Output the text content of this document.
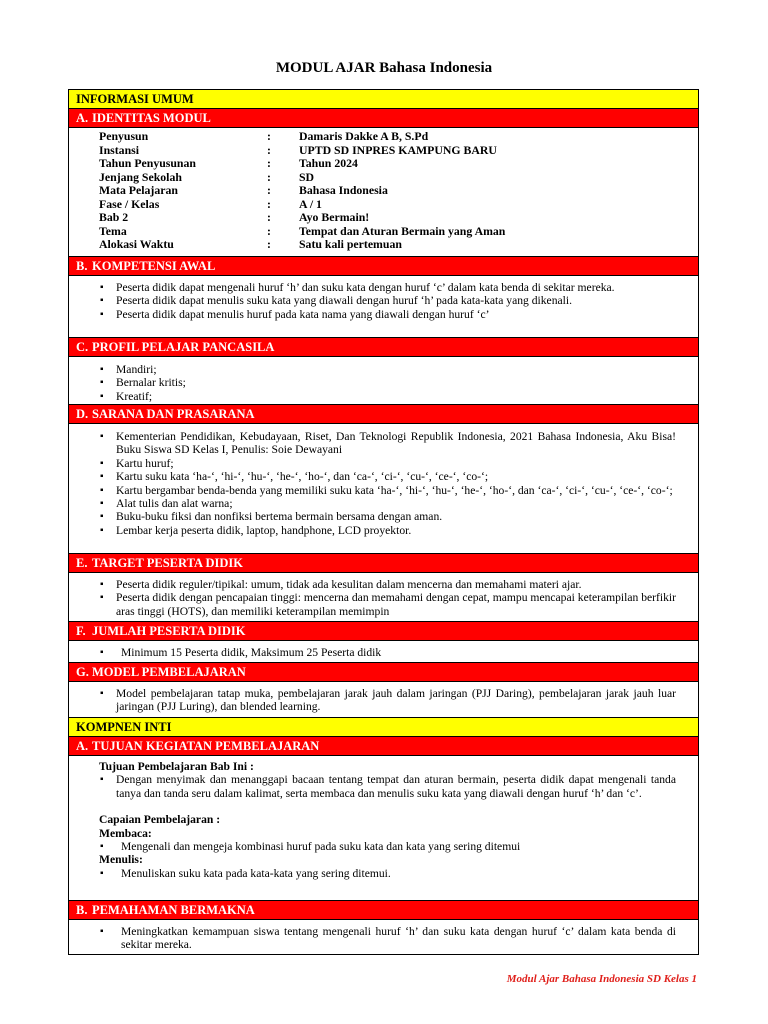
MODUL AJAR Bahasa Indonesia
INFORMASI UMUM
A. IDENTITAS MODUL
Penyusun	:	Damaris Dakke A B, S.Pd
Instansi	:	UPTD SD INPRES KAMPUNG BARU
Tahun Penyusunan	:	Tahun 2024
Jenjang Sekolah	:	SD
Mata Pelajaran	:	Bahasa Indonesia
Fase / Kelas	:	A / 1
Bab 2	:	Ayo Bermain!
Tema	:	Tempat dan Aturan Bermain yang Aman
Alokasi Waktu	:	Satu kali pertemuan
B. KOMPETENSI AWAL
▪ Peserta didik dapat mengenali huruf ‘h’ dan suku kata dengan huruf ‘c’ dalam kata benda di sekitar mereka.
▪ Peserta didik dapat menulis suku kata yang diawali dengan huruf ‘h’ pada kata-kata yang dikenali.
▪ Peserta didik dapat menulis huruf pada kata nama yang diawali dengan huruf ‘c’
C. PROFIL PELAJAR PANCASILA
▪ Mandiri;
▪ Bernalar kritis;
▪ Kreatif;
D. SARANA DAN PRASARANA
▪ Kementerian Pendidikan, Kebudayaan, Riset, Dan Teknologi Republik Indonesia, 2021 Bahasa Indonesia, Aku Bisa! Buku Siswa SD Kelas I, Penulis: Soie Dewayani
▪ Kartu huruf;
▪ Kartu suku kata ‘ha-‘, ‘hi-‘, ‘hu-‘, ‘he-‘, ‘ho-‘, dan ‘ca-‘, ‘ci-‘, ‘cu-‘, ‘ce-‘, ‘co-‘;
▪ Kartu bergambar benda-benda yang memiliki suku kata ‘ha-‘, ‘hi-‘, ‘hu-‘, ‘he-‘, ‘ho-‘, dan ‘ca-‘, ‘ci-‘, ‘cu-‘, ‘ce-‘, ‘co-‘;
▪ Alat tulis dan alat warna;
▪ Buku-buku fiksi dan nonfiksi bertema bermain bersama dengan aman.
▪ Lembar kerja peserta didik, laptop, handphone, LCD proyektor.
E. TARGET PESERTA DIDIK
▪ Peserta didik reguler/tipikal: umum, tidak ada kesulitan dalam mencerna dan memahami materi ajar.
▪ Peserta didik dengan pencapaian tinggi: mencerna dan memahami dengan cepat, mampu mencapai keterampilan berfikir aras tinggi (HOTS), dan memiliki keterampilan memimpin
F. JUMLAH PESERTA DIDIK
▪ Minimum 15 Peserta didik, Maksimum 25 Peserta didik
G. MODEL PEMBELAJARAN
▪ Model pembelajaran tatap muka, pembelajaran jarak jauh dalam jaringan (PJJ Daring), pembelajaran jarak jauh luar jaringan (PJJ Luring), dan blended learning.
KOMPNEN INTI
A. TUJUAN KEGIATAN PEMBELAJARAN
Tujuan Pembelajaran Bab Ini :
▪ Dengan menyimak dan menanggapi bacaan tentang tempat dan aturan bermain, peserta didik dapat mengenali tanda tanya dan tanda seru dalam kalimat, serta membaca dan menulis suku kata yang diawali dengan huruf ‘h’ dan ‘c’.
Capaian Pembelajaran :
Membaca:
▪ Mengenali dan mengeja kombinasi huruf pada suku kata dan kata yang sering ditemui
Menulis:
▪ Menuliskan suku kata pada kata-kata yang sering ditemui.
B. PEMAHAMAN BERMAKNA
▪ Meningkatkan kemampuan siswa tentang mengenali huruf ‘h’ dan suku kata dengan huruf ‘c’ dalam kata benda di sekitar mereka.
Modul Ajar Bahasa Indonesia SD Kelas 1
